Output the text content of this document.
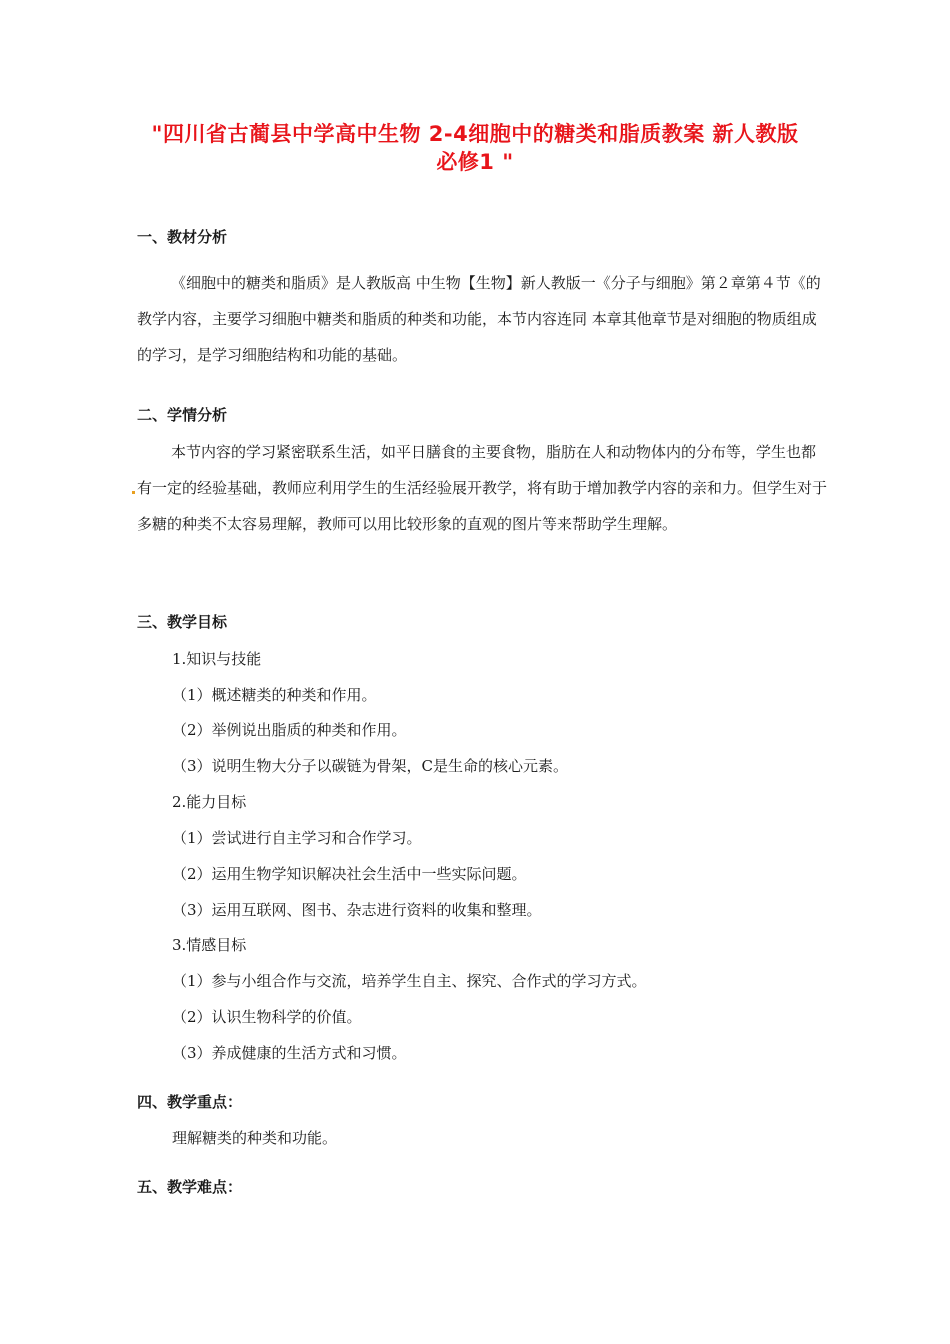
"四川省古蔺县中学高中生物 2-4细胞中的糖类和脂质教案 新人教版
必修1 "
一、教材分析
《细胞中的糖类和脂质》是人教版高 中生物【生物】新人教版一《分子与细胞》第２章第４节《的教学内容，主要学习细胞中糖类和脂质的种类和功能，本节内容连同 本章其他章节是对细胞的物质组成的学习，是学习细胞结构和功能的基础。
二、学情分析
本节内容的学习紧密联系生活，如平日膳食的主要食物，脂肪在人和动物体内的分布等，学生也都有一定的经验基础，教师应利用学生的生活经验展开教学，将有助于增加教学内容的亲和力。但学生对于多糖的种类不太容易理解，教师可以用比较形象的直观的图片等来帮助学生理解。
三、教学目标
1.知识与技能
（1）概述糖类的种类和作用。
（2）举例说出脂质的种类和作用。
（3）说明生物大分子以碳链为骨架，C是生命的核心元素。
2.能力目标
（1）尝试进行自主学习和合作学习。
（2）运用生物学知识解决社会生活中一些实际问题。
（3）运用互联网、图书、杂志进行资料的收集和整理。
3.情感目标
（1）参与小组合作与交流，培养学生自主、探究、合作式的学习方式。
（2）认识生物科学的价值。
（3）养成健康的生活方式和习惯。
四、教学重点：
理解糖类的种类和功能。
五、教学难点：
